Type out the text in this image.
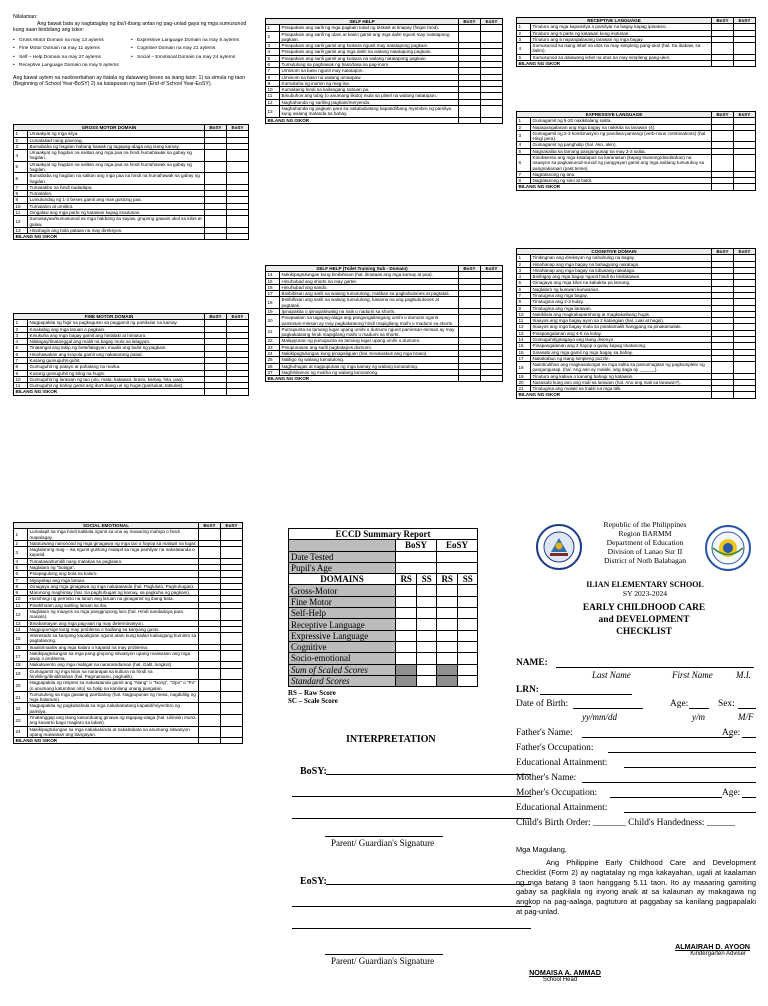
Nilalaman:
Ang bawat bata ay nagtataglay ng iba't-ibang antas ng pag-unlad gaya ng mga sumusunod kung saan binibilang ang iskor:
• Gross Motor Domain na may 13 aytems
• Fine Motor Domain na may 11 aytems
• Self – Help Domain na may 27 aytems
• Receptive Language Domain na may 5 aytems
• Expressive Language Domain na may 8 aytems
• Cognitive Domain na may 21 aytems
• Social – Emotional Domain na may 24 aytems
Ang bawat aytem na naobserbahan ay itatala ng dalawang beses sa isang taon: 1) sa simula ng taon (Beginning of School Year-BoSY) 2) sa katapusan ng taon (End of School Year-EoSY).
GROSS MOTOR DOMAIN		BoSY	EoSY
1	Umaakyat ng mga silya.		
2	Lumalakad nang paurong.		
3	Bumababa ng hagdan habang hawak ng tagapag-alaga ang isang kamay.		
4	Umaakyat ng hagdan na salitan ang mga paa na hindi humahawak sa gabay ng hagdan.		
5	Umaakyat ng hagdan na salitan ang mga paa na hindi humahawak sa gabay ng hagdan.		
6	Bumababa ng hagdan na salitan ang mga paa na hindi na humahawak sa gabay ng hagdan.		
7	Tumatakbo na hindi nadadapa.		
8	Tumatalon.		
9	Lumulundag ng 1-3 beses gamit ang mas gustong paa.		
10	Tumatalon at umiikot.		
11	Gingalaw ang mga parte ng katawan kapag inuutusan.		
12	Sumasayaw/sumusunod sa mga hakbang sa sayaw, grupong gawain ukol sa kilos at galaw.		
13	Hinahagis ang bola pataas na may direksyon.		
BILANG NG ISKOR			
FINE MOTOR DOMAIN		BoSY	EoSY
1	Nagpapakita ng higit na pagkagusto sa paggamit ng partikular na kamay.		
2	Kinakabig ang mga laruan o pagkain.		
3	Kinukuha ang mga bagay gamit ang hinlalaki at hintuturo.		
4	Nilalagay/tinatanggal ang maliit na bagay mula sa lalagyan.		
5	Tinatangal ang takip ng bote/lalagyan, inaalis ang balot ng pagkain.		
6	Hinahawakan ang krayola gamit ang nakasarang palad.		
7	Kusang gumuguhit-guhit.		
8	Gumuguhit ng patayo at pahalang na marka.		
9	Kusang gumuguhit ng bilog na hugis.		
10	Gumuguhit ng larawan ng tao (ulo, mata, katawan, braso, kamay, hita, paa).		
11	Gumuguhit ng bahay gamit ang iba't-ibang uri ng hugis (parisukat, tatsulok).		
BILANG NG ISKOR			
SELF HELP		BoSY	EoSY
1	Pinapakain ang sarili ng mga pagkain tulad ng biskwit at tinapay (finger food).		
2	Pinapakain ang sarili ng ulam at kanin gamit ang mga daliri ngunit may natatapong pagkain.		
3	Pinapakain ang sarili gamit ang kutsara ngunit may natatapong pagkain.		
4	Pinapakain ang sarili gamit ang mga daliri na walang natatapong pagkain.		
5	Pinapakain ang sarili gamit ang kutsara na walang natatapong pagkain.		
6	Tumutulong sa paghawak ng baso/tasa sa pag-inom.		
7	Umiinom sa baso ngunit may natatapon.		
8	Umiinom sa baso na walang umaapaw.		
9	Kumukuha ng inumin ng mag-isa.		
10	Kumakaing hindi na kailangang subuan pa.		
11	Binubuhos ang tubig (o anumang likido) mula sa pitsel na walang natatapon.		
12	Naghahanda ng sariling pagkain/meryenda.		
13	Naghahanda ng pagkain para sa nakababatang kapatid/ibang myembro ng pamilya kung walang matanda sa bahay.		
BILANG NG ISKOR			
SELF HELP (Toilet Training Sub - Domain)		BoSY	EoSY
14	Nakikipagtulungan kung binibihisan (hal. itinataas ang mga kamay at paa).		
15	Hinuhubad ang shorts na may garter.		
16	Hinuhubad ang sando.		
17	Binibihisan ang sarili na walang tumutulong, maliban sa pagbubutones at pagtatali.		
18	Binibihisan ang sarili na walang tumutulong, kasama na ang pagbubutones at pagtatali.		
19	Ipinapakita o ipinapahiwatig na nais o nadumi sa shorts.		
20	Pinapaalam sa tagapag-alaga ang pangangailangang umihi o dumumi ngunit paminsan-minsan ay may pagkakataong hindi mapigilang maihi o madumi sa shorts.		
21	Pumupunta sa tamang lugar upang umihi o dumumi ngunit paminsan-minsan ay may pagkakataong hindi mapigilang maihi o madumi sa shorts.		
22	Malapyunac ng pumupunta sa tamang lugar upang umihi o dumumi.		
23	Pinupunasan ang sarili pagkatapos dumumi.		
24	Nakikipagtulungan kung pinapaliguan (hal. Kinukuskus ang mga braso).		
25	Naliligo ng walang tumutulong.		
26	Naghuhugas at nagpupunas ng mga kamay ng walang tumutulong.		
27	Naghihilamos ng mukha ng walang tumutulong.		
BILANG NG ISKOR			
RECEPTIVE LANGUAGE		BoSY	EoSY
1	Tinuturo ang mga kapamilya o pamilyar na bagay kapag ipinaturo.		
2	Tinuturo ang 5 parte ng katawan kung inutusan.		
3	Tinuturo ang 5 napangalanang larawan ng mga bagay.		
4	Sumusunod sa isang lebel na utos na may simpleng pang-ukol (hal. Sa ibabaw, sa ilalim).		
5	Sumusunod sa dalawang lebel na utos na may simpleng pang-ukol.		
BILANG NG ISKOR			
EXPRESSIVE LANGUAGE		BoSY	EoSY
1	Gumagamit ng 5-20 nakikilalang salita.		
2	Napapangalanan ang mga bagay na nakikita sa larawan (4).		
3	Gumagamit ng 2-3 kombinasyon ng pandiwa-pantangi (verb-noun combinations) (hal. Hingi pera).		
4	Gumagamit ng panghalip (hal. Ako, akin).		
5	Nagsasalita sa tamang pangungusap na may 2-3 salita.		
6	Kinukwento ang mga katatapos na karanasan (kapag tinanong/diniditahan) na naaayon sa pagkasunod-sunod ng pangyayari gamit ang mga salitang tumutukoy sa pangnakaraan (past tense).		
7	Nagtatanong ng ano.		
8	Nagtatanong ng sino at bakit.		
BILANG NG ISKOR			
COGNITIVE DOMAIN		BoSY	EoSY
1	Tinitingnan ang direksyon ng nahuhulog na bagay.		
2	Hinahanap ang mga bagay na bahagyang nakatago.		
3	Hinahanap ang mga bagay na lubusang nakatago.		
4	Binibigay ang mga bagay ngunit hindi ito binibitawan.		
5	Ginagaya ang mga kilos na kakakita pa lamang.		
6	Naglalaro ng kunwari-kunwarian.		
7	Tinutugma ang mga bagay.		
8	Tinutugma ang 2-3 kulay.		
9	Tinutugma ang mga larawan.		
10	Nakikilala ang magkakaparehong at magkakaibang hugis.		
11	Inaayos ang mga bagay ayon sa 2 katangian (hal. Laki at hugis).		
12	Inaayos ang mga bagay mula sa pinakamaliit hanggang sa pinakamalaki.		
13	Pinapangalanan ang 4-6 na kulay.		
14	Gumuguhit/ginagaya ang isang disenyo.		
15	Pinapangalanan ang 3 hayop o gulay kapag tinatanong.		
16	Sinasabi ang mga gamit ng mga bagay sa bahay.		
17	Nakakabuo ng isang simpleng puzzle.		
18	Naiintindihan ang magkasalungat na mga salita sa pamamagitan ng pagkumpleto ng pangungusap. (hal. Ang aso ay malaki, ang daga ay ______).		
19	Tinuturo ang kaliwa o kanang bahagi ng katawan.		
20	Nasasabi kung ano ang mali sa larawan (hal. Ano ang mali sa larawan?).		
21	Tinutugma ang malaki sa maliit na mga titik.		
BILANG NG ISKOR			
SOCIAL EMOTIONAL		BoSY	EoSY
1	Lumalapit sa mga hindi kakilala ngunit sa una ay maaaring mahiya o hindi mapalagay.		
2	Natutuwang nanonood ng mga ginagawa ng mga tao o hayop sa malapit na lugar.		
3	Naglalarong mag – isa ngunit gustong malapit sa mga pamilyar na nakatatanda o kapatid.		
4	Tumatawa/tumitili nang malakas sa paglalaro.		
5	Naglalaro ng "bulaga".		
6	Pinapagulong ang bola sa kalaro.		
7	Niyayakap ang mga laruan.		
8	Ginagaya ang mga ginagawa ng mga nakatatanda (hal. Pagluluto, Paghuhugas).		
9	Marunong maghintay (hal. Sa paghuhugas ng kamay, sa pagkuha ng pagkain).		
10	Humihingi ng permiso na laruin ang laruan na ginagamit ng ibang bata.		
11	Pinahihiram ang sariling laruan sa iba.		
12	Naglalaro ng maayos sa mga panggrupong laro (hal. Hindi nandadaya para manalo).		
13	Binabantayan ang mga pag-aari ng may determinasyon.		
14	Nagpupursige kung may problema o hadlang sa kanyang gusto.		
15	Interesado sa kanyang kapaligiran ngunit alam kung kailan kailangang huminto sa pagtatanong.		
16	Inaalo/inaaliw ang mga kalaro o kapatid na may problema.		
17	Nakikipagtulungan sa mga pang-grupong sitwasyon upang maiwasan ang mga away o problema.		
18	Naikukwento ang mga mabigat na nararamdaman (hal. Galit, lungkot).		
19	Gumagamit ng mga kilos na nararapat sa kultura na hindi na hinihiling/dinidiktahan (hal. Pagmamano, paghalik).		
20	Nagpapakita ng respeto sa nakatatanda gamit ang "Nang" o "Nong", "Opo" o "Po" (o anumang katumbas nito) sa halip na kanilang unang pangalan.		
21	Tumutulong sa mga gawaing pambahay (hal. Nagpupunas ng mesa, nagdidilig ng mga halaman).		
22	Nagpapakita ng pagkabahala sa mga nakababatang kapatid/miyembro ng pamilya.		
23	Tinatanggap ang isang kasunduang ginawa ng tagapag-alaga (hal. Liliinisin muna ang kuwarto bago maglaro sa labas).		
24	Nakikipagtulungan sa mga nakakatanda at nakababata sa anumang sitwasyon upang maiwasan ang bangayan.		
BILANG NG ISKOR			
ECCD Summary Report				
	BoSY		EoSY	
Date Tested				
Pupil's Age				
DOMAINS	RS	SS	RS	SS
Gross-Motor				
Fine Motor				
Self-Help				
Receptive Language				
Expressive Language				
Cognitive				
Socio-emotional				
Sum of Scaled Scores				
Standard Scores				
RS – Raw Score
SC – Scale Score
INTERPRETATION
BoSY:
Parent/ Guardian's Signature
EoSY:
Parent/ Guardian's Signature
Republic of the Philippines
Region BARMM
Department of Education
Division of Lanao Sur II
District of Noth Balabagan
ILIAN ELEMENTARY SCHOOL
SY 2023-2024
EARLY CHILDHOOD CARE
and DEVELOPMENT
CHECKLIST
NAME:
Last Name	First Name	M.I.
LRN:
Date of Birth:	Age:	Sex:
yy/mm/dd	y/m	M/F
Father's Name:	Age:
Father's Occupation:
Educational Attainment:
Mother's Name:
Mother's Occupation:	Age:
Educational Attainment:
Child's Birth Order: _______ Child's Handedness: ______
Mga Magulang,
Ang Philippine Early Childhood Care and Development Checklist (Form 2) ay nagtatalay ng mga kakayahan, ugali at kaalaman ng mga batang 3 taon hanggang 5.11 taon. Ito ay maaaring gamiting gabay sa pagkilala ng inyong anak at sa kalaunan ay makagawa ng angkop na pag-aalaga, pagtuturo at paggabay sa kanilang pagpapalaki at pag-unlad.
ALMAIRAH D. AYOON
Kindergarten Adviser
NOMAISA A. AMMAD
School Head
